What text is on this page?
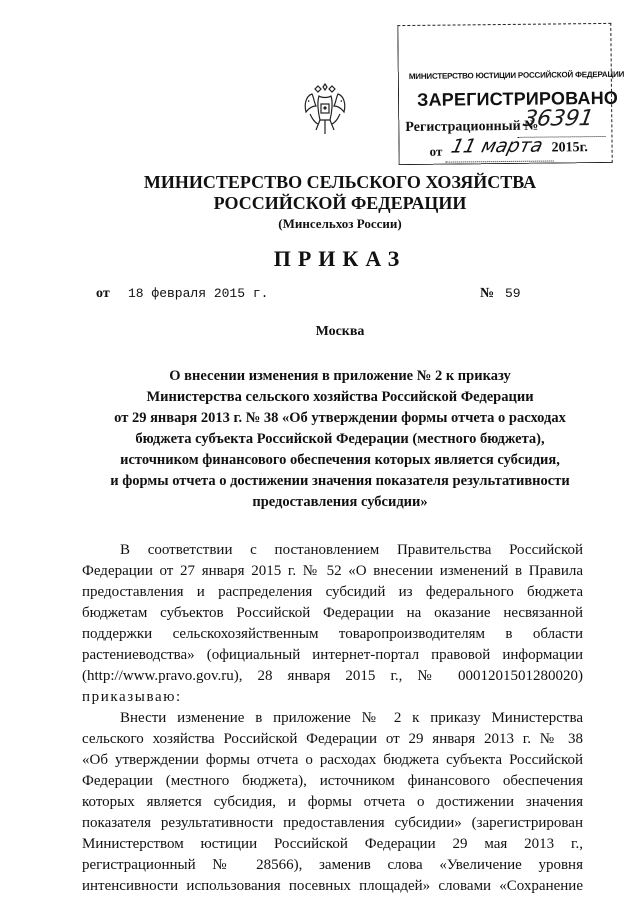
МИНИСТЕРСТВО ЮСТИЦИИ РОССИЙСКОЙ ФЕДЕРАЦИИ
ЗАРЕГИСТРИРОВАНО
Регистрационный №
36391
от 11 марта 2015г.
МИНИСТЕРСТВО СЕЛЬСКОГО ХОЗЯЙСТВА
РОССИЙСКОЙ ФЕДЕРАЦИИ
(Минсельхоз России)
ПРИКАЗ
от 18 февраля 2015 г.	№ 59
Москва
О внесении изменения в приложение № 2 к приказу
Министерства сельского хозяйства Российской Федерации
от 29 января 2013 г. № 38 «Об утверждении формы отчета о расходах
бюджета субъекта Российской Федерации (местного бюджета),
источником финансового обеспечения которых является субсидия,
и формы отчета о достижении значения показателя результативности
предоставления субсидии»
В соответствии с постановлением Правительства Российской
Федерации от 27 января 2015 г. № 52 «О внесении изменений в Правила
предоставления и распределения субсидий из федерального бюджета
бюджетам субъектов Российской Федерации на оказание несвязанной
поддержки сельскохозяйственным товаропроизводителям в области
растениеводства» (официальный интернет-портал правовой информации
(http://www.pravo.gov.ru), 28 января 2015 г., № 0001201501280020)
приказываю:
Внести изменение в приложение № 2 к приказу Министерства
сельского хозяйства Российской Федерации от 29 января 2013 г. № 38
«Об утверждении формы отчета о расходах бюджета субъекта Российской
Федерации (местного бюджета), источником финансового обеспечения
которых является субсидия, и формы отчета о достижении значения
показателя результативности предоставления субсидии» (зарегистрирован
Министерством юстиции Российской Федерации 29 мая 2013 г.,
регистрационный № 28566), заменив слова «Увеличение уровня
интенсивности использования посевных площадей» словами «Сохранение
